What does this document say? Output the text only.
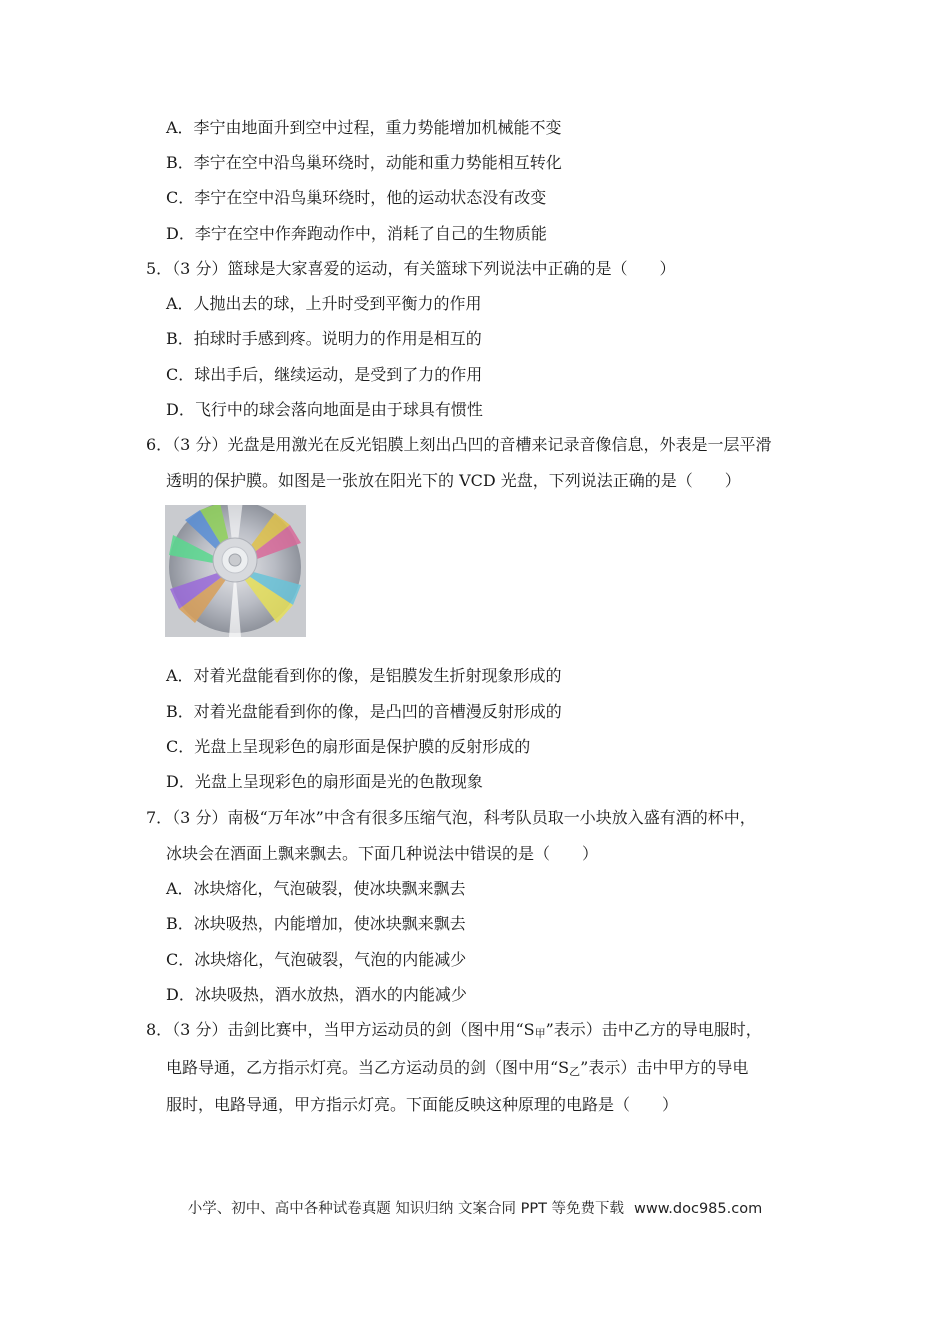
A．李宁由地面升到空中过程，重力势能增加机械能不变
B．李宁在空中沿鸟巢环绕时，动能和重力势能相互转化
C．李宁在空中沿鸟巢环绕时，他的运动状态没有改变
D．李宁在空中作奔跑动作中，消耗了自己的生物质能
5．（3 分）篮球是大家喜爱的运动，有关篮球下列说法中正确的是（　　）
A．人抛出去的球，上升时受到平衡力的作用
B．拍球时手感到疼。说明力的作用是相互的
C．球出手后，继续运动，是受到了力的作用
D．飞行中的球会落向地面是由于球具有惯性
6．（3 分）光盘是用激光在反光铝膜上刻出凸凹的音槽来记录音像信息，外表是一层平滑
透明的保护膜。如图是一张放在阳光下的 VCD 光盘，下列说法正确的是（　　）
A．对着光盘能看到你的像，是铝膜发生折射现象形成的
B．对着光盘能看到你的像，是凸凹的音槽漫反射形成的
C．光盘上呈现彩色的扇形面是保护膜的反射形成的
D．光盘上呈现彩色的扇形面是光的色散现象
7．（3 分）南极“万年冰”中含有很多压缩气泡，科考队员取一小块放入盛有酒的杯中，
冰块会在酒面上飘来飘去。下面几种说法中错误的是（　　）
A．冰块熔化，气泡破裂，使冰块飘来飘去
B．冰块吸热，内能增加，使冰块飘来飘去
C．冰块熔化，气泡破裂，气泡的内能减少
D．冰块吸热，酒水放热，酒水的内能减少
8．（3 分）击剑比赛中，当甲方运动员的剑（图中用“S甲”表示）击中乙方的导电服时，
电路导通，乙方指示灯亮。当乙方运动员的剑（图中用“S乙”表示）击中甲方的导电
服时，电路导通，甲方指示灯亮。下面能反映这种原理的电路是（　　）
小学、初中、高中各种试卷真题 知识归纳 文案合同 PPT 等免费下载 www.doc985.com
